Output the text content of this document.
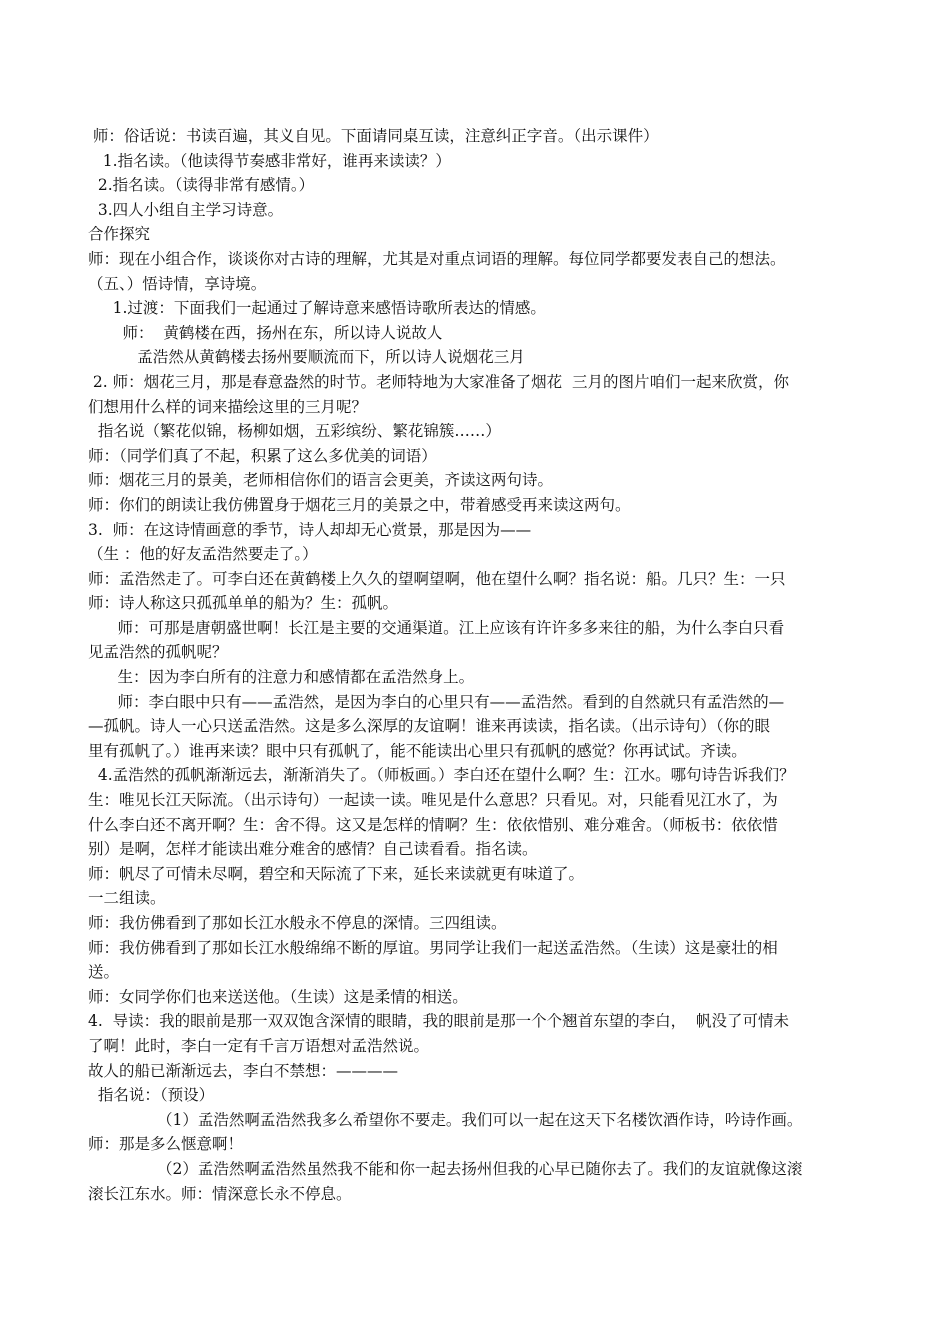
师：俗话说：书读百遍，其义自见。下面请同桌互读，注意纠正字音。（出示课件）
1.指名读。（他读得节奏感非常好，谁再来读读？）
2.指名读。（读得非常有感情。）
3.四人小组自主学习诗意。
合作探究
师：现在小组合作，谈谈你对古诗的理解，尤其是对重点词语的理解。每位同学都要发表自己的想法。
（五、）悟诗情，享诗境。
1.过渡：下面我们一起通过了解诗意来感悟诗歌所表达的情感。
师：  黄鹤楼在西，扬州在东，所以诗人说故人
孟浩然从黄鹤楼去扬州要顺流而下，所以诗人说烟花三月
2. 师：烟花三月，那是春意盎然的时节。老师特地为大家准备了烟花  三月的图片咱们一起来欣赏，你
们想用什么样的词来描绘这里的三月呢？
指名说（繁花似锦，杨柳如烟，五彩缤纷、繁花锦簇……）
师：（同学们真了不起，积累了这么多优美的词语）
师：烟花三月的景美，老师相信你们的语言会更美，齐读这两句诗。
师：你们的朗读让我仿佛置身于烟花三月的美景之中，带着感受再来读这两句。
3.  师：在这诗情画意的季节，诗人却却无心赏景，那是因为——
（生 ：他的好友孟浩然要走了。）
师：孟浩然走了。可李白还在黄鹤楼上久久的望啊望啊，他在望什么啊？指名说：船。几只？生：一只
师：诗人称这只孤孤单单的船为？生：孤帆。
师：可那是唐朝盛世啊！长江是主要的交通渠道。江上应该有许许多多来往的船，为什么李白只看
见孟浩然的孤帆呢？
生：因为李白所有的注意力和感情都在孟浩然身上。
师：李白眼中只有——孟浩然，是因为李白的心里只有——孟浩然。看到的自然就只有孟浩然的—
—孤帆。诗人一心只送孟浩然。这是多么深厚的友谊啊！谁来再读读，指名读。（出示诗句）（你的眼
里有孤帆了。）谁再来读？眼中只有孤帆了，能不能读出心里只有孤帆的感觉？你再试试。齐读。
4.孟浩然的孤帆渐渐远去，渐渐消失了。（师板画。）李白还在望什么啊？生：江水。哪句诗告诉我们？
生：唯见长江天际流。（出示诗句）一起读一读。唯见是什么意思？只看见。对，只能看见江水了，为
什么李白还不离开啊？生：舍不得。这又是怎样的情啊？生：依依惜别、难分难舍。（师板书：依依惜
别）是啊，怎样才能读出难分难舍的感情？自己读看看。指名读。
师：帆尽了可情未尽啊，碧空和天际流了下来，延长来读就更有味道了。
一二组读。
师：我仿佛看到了那如长江水般永不停息的深情。三四组读。
师：我仿佛看到了那如长江水般绵绵不断的厚谊。男同学让我们一起送孟浩然。（生读）这是豪壮的相
送。
师：女同学你们也来送送他。（生读）这是柔情的相送。
4.  导读：我的眼前是那一双双饱含深情的眼睛，我的眼前是那一个个翘首东望的李白，  帆没了可情未
了啊！此时，李白一定有千言万语想对孟浩然说。
故人的船已渐渐远去，李白不禁想：————
指名说：（预设）
（1）孟浩然啊孟浩然我多么希望你不要走。我们可以一起在这天下名楼饮酒作诗，吟诗作画。
师：那是多么惬意啊！
（2）孟浩然啊孟浩然虽然我不能和你一起去扬州但我的心早已随你去了。我们的友谊就像这滚
滚长江东水。师：情深意长永不停息。
